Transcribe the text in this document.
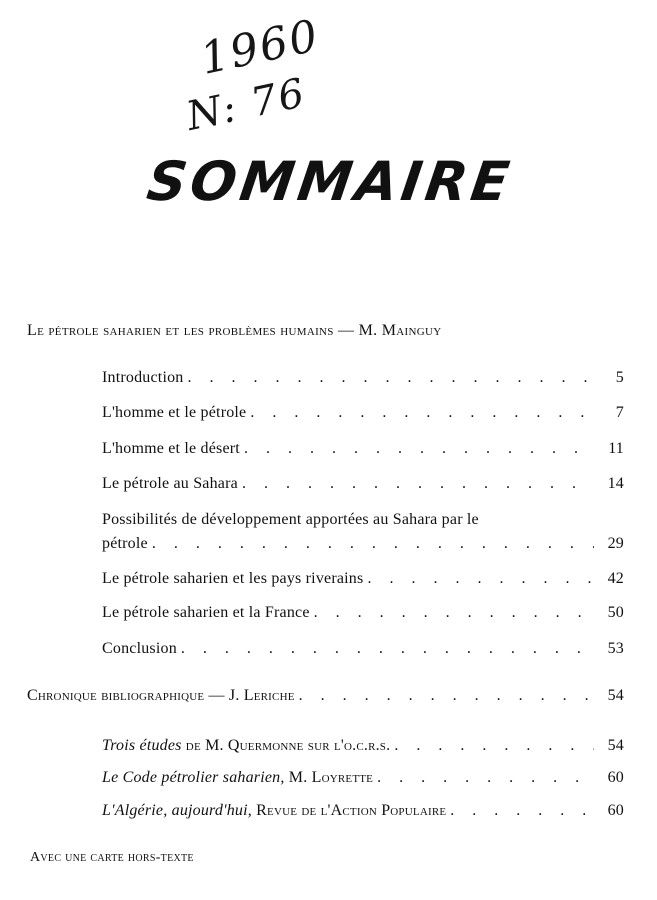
1960
N: 76
SOMMAIRE
Le pétrole saharien et les problèmes humains — M. Mainguy
Introduction . . .	5
L'homme et le pétrole . . .	7
L'homme et le désert . . .	11
Le pétrole au Sahara . . .	14
Possibilités de développement apportées au Sahara par le
pétrole . . .	29
Le pétrole saharien et les pays riverains . . .	42
Le pétrole saharien et la France . . .	50
Conclusion . . .	53
Chronique bibliographique — J. Leriche . . .	54
Trois études de M. Quermonne sur l'o.c.r.s. . . .	54
Le Code pétrolier saharien, M. Loyrette . . .	60
L'Algérie, aujourd'hui, Revue de l'Action Populaire . . .	60
Avec une carte hors-texte
